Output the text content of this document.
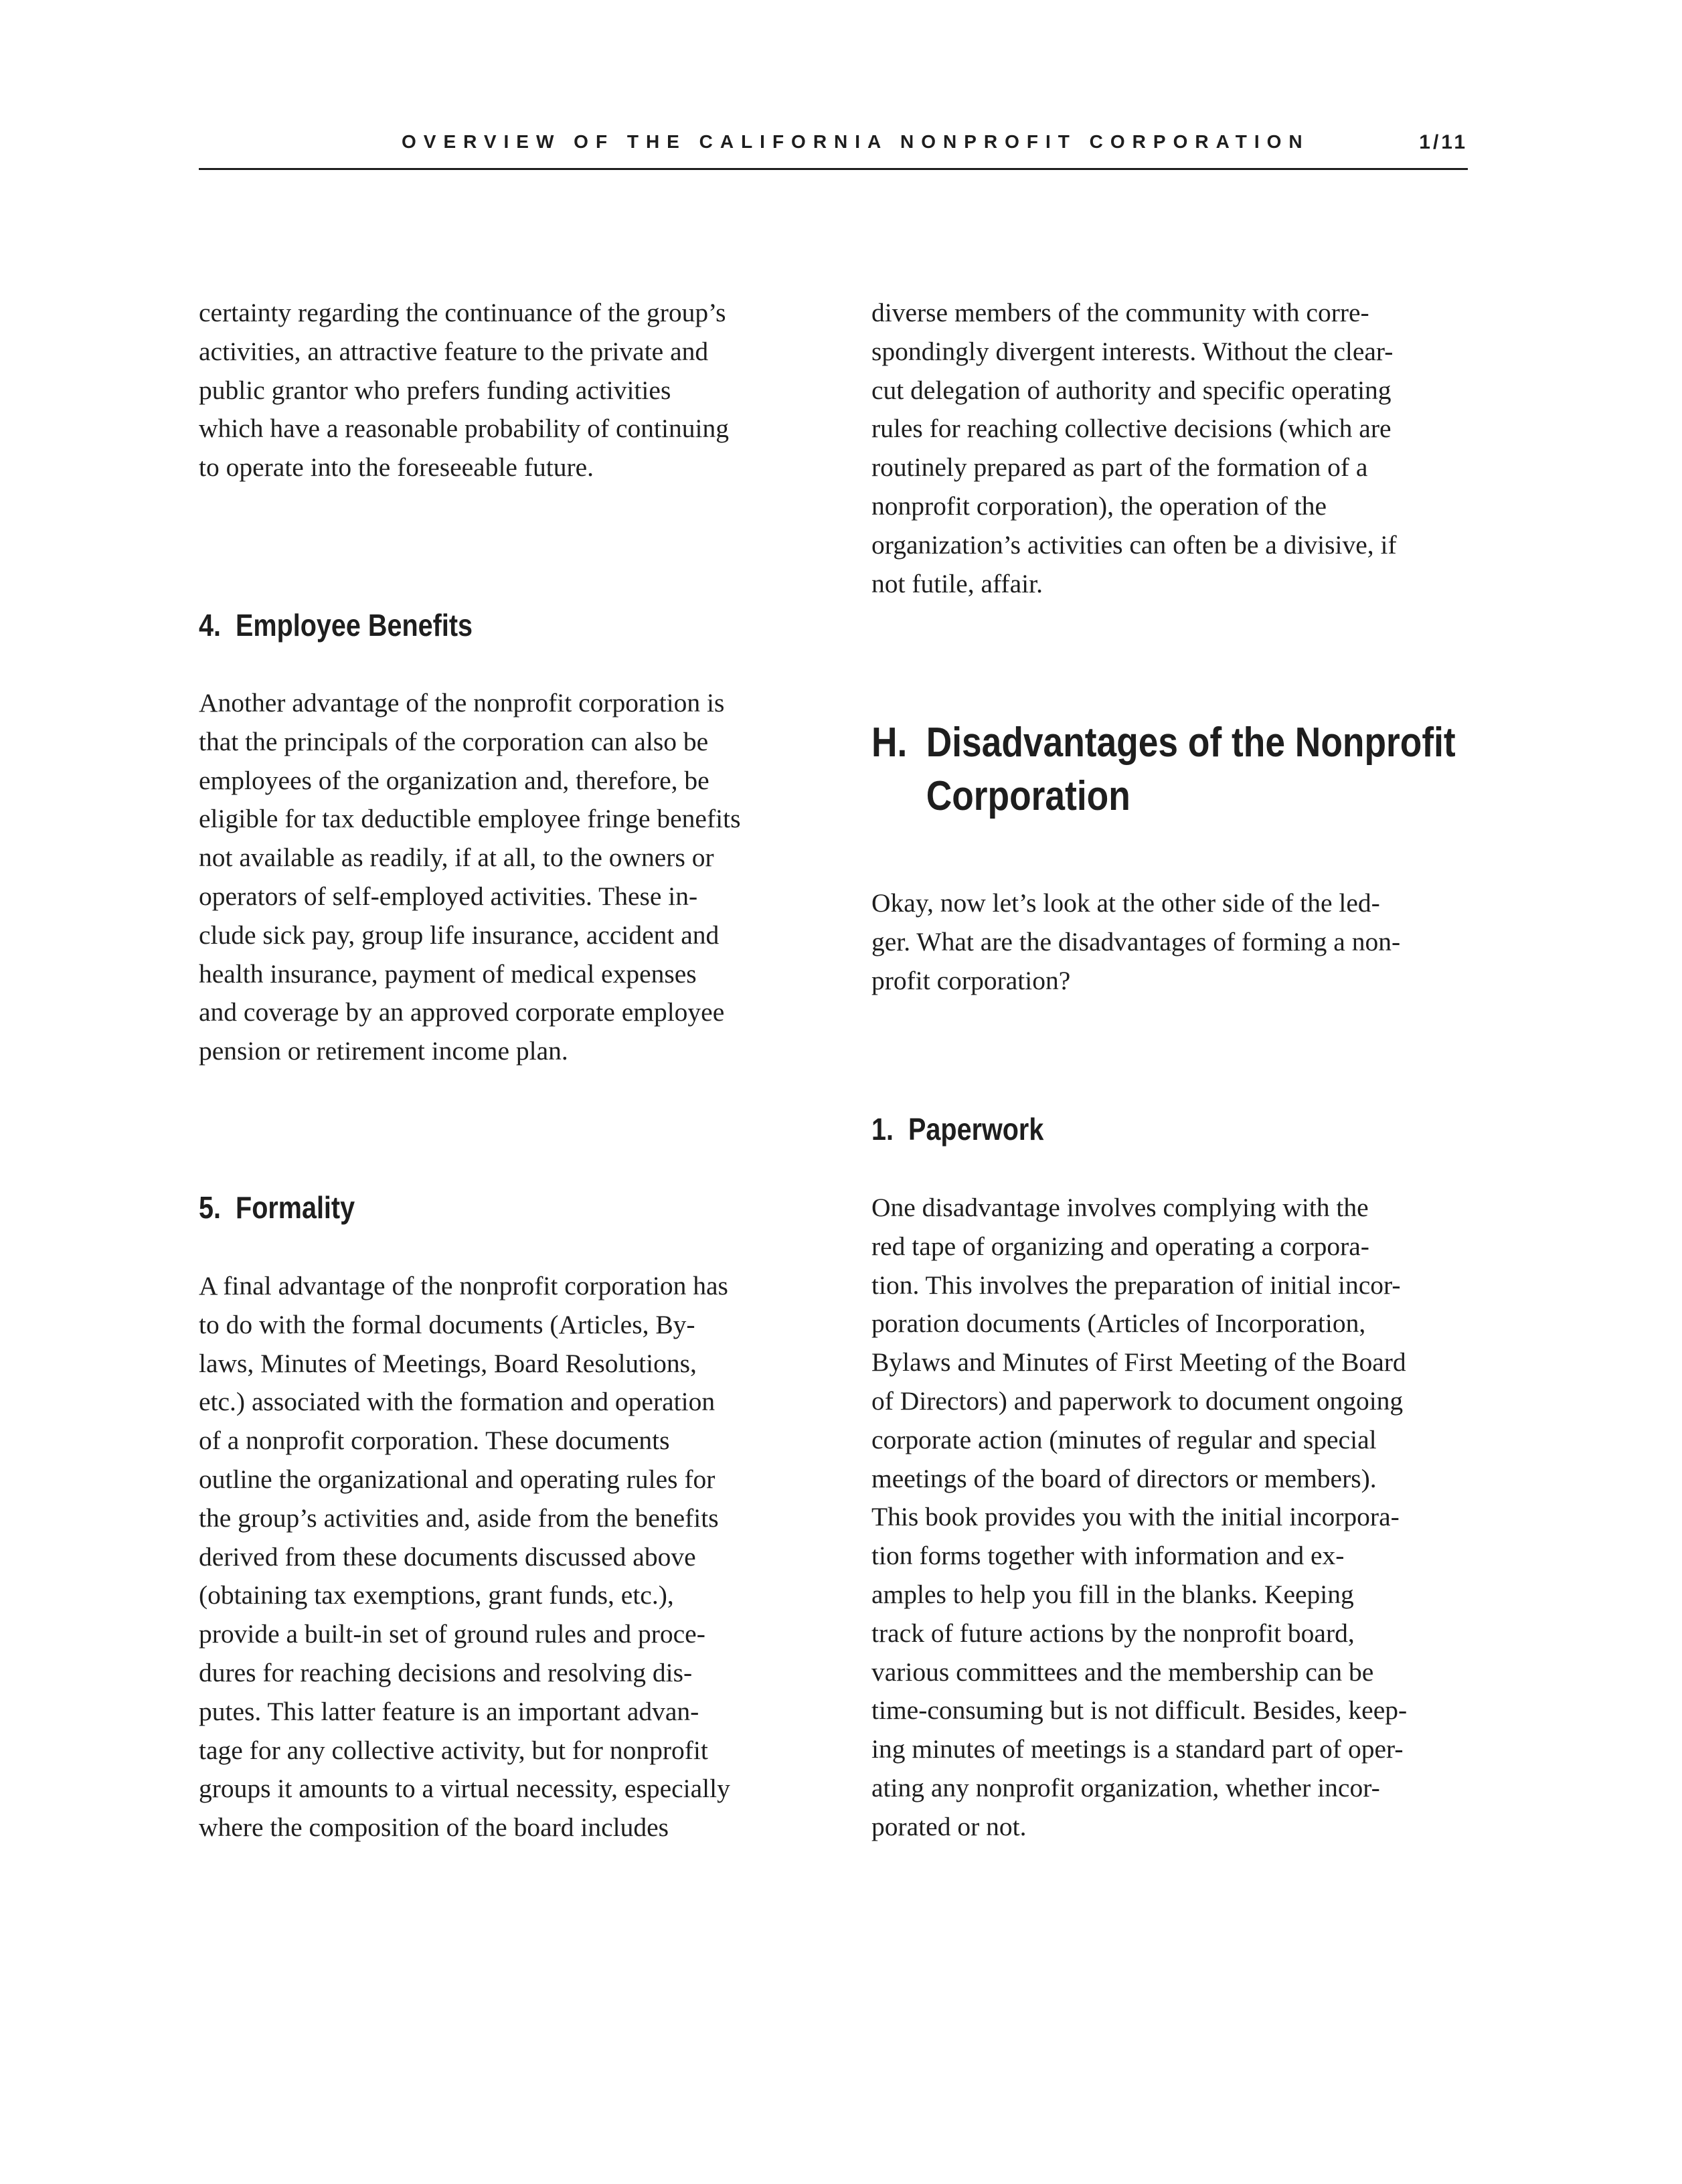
OVERVIEW OF THE CALIFORNIA NONPROFIT CORPORATION	1/11

certainty regarding the continuance of the group’s
activities, an attractive feature to the private and
public grantor who prefers funding activities
which have a reasonable probability of continuing
to operate into the foreseeable future.

4. Employee Benefits

Another advantage of the nonprofit corporation is
that the principals of the corporation can also be
employees of the organization and, therefore, be
eligible for tax deductible employee fringe benefits
not available as readily, if at all, to the owners or
operators of self-employed activities. These in-
clude sick pay, group life insurance, accident and
health insurance, payment of medical expenses
and coverage by an approved corporate employee
pension or retirement income plan.

5. Formality

A final advantage of the nonprofit corporation has
to do with the formal documents (Articles, By-
laws, Minutes of Meetings, Board Resolutions,
etc.) associated with the formation and operation
of a nonprofit corporation. These documents
outline the organizational and operating rules for
the group’s activities and, aside from the benefits
derived from these documents discussed above
(obtaining tax exemptions, grant funds, etc.),
provide a built-in set of ground rules and proce-
dures for reaching decisions and resolving dis-
putes. This latter feature is an important advan-
tage for any collective activity, but for nonprofit
groups it amounts to a virtual necessity, especially
where the composition of the board includes

diverse members of the community with corre-
spondingly divergent interests. Without the clear-
cut delegation of authority and specific operating
rules for reaching collective decisions (which are
routinely prepared as part of the formation of a
nonprofit corporation), the operation of the
organization’s activities can often be a divisive, if
not futile, affair.

H. Disadvantages of the Nonprofit
Corporation

Okay, now let’s look at the other side of the led-
ger. What are the disadvantages of forming a non-
profit corporation?

1. Paperwork

One disadvantage involves complying with the
red tape of organizing and operating a corpora-
tion. This involves the preparation of initial incor-
poration documents (Articles of Incorporation,
Bylaws and Minutes of First Meeting of the Board
of Directors) and paperwork to document ongoing
corporate action (minutes of regular and special
meetings of the board of directors or members).
This book provides you with the initial incorpora-
tion forms together with information and ex-
amples to help you fill in the blanks. Keeping
track of future actions by the nonprofit board,
various committees and the membership can be
time-consuming but is not difficult. Besides, keep-
ing minutes of meetings is a standard part of oper-
ating any nonprofit organization, whether incor-
porated or not.
